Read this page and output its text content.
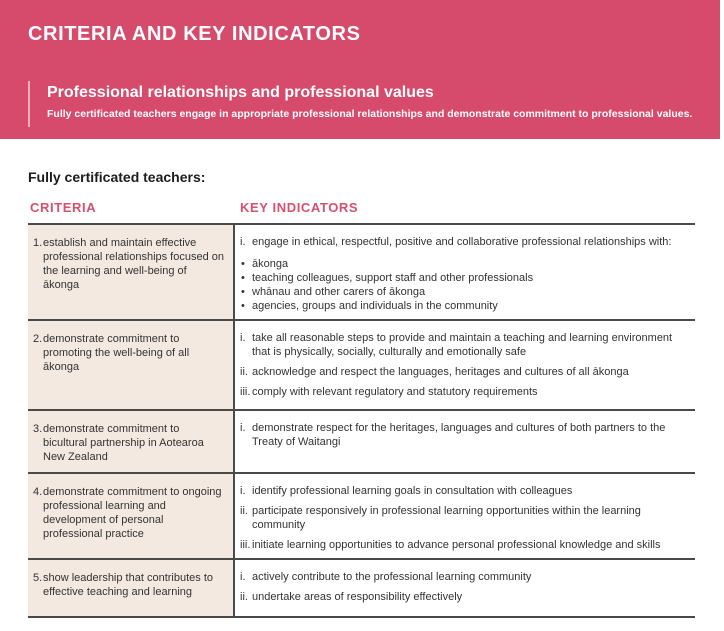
CRITERIA AND KEY INDICATORS
Professional relationships and professional values

Fully certificated teachers engage in appropriate professional relationships and demonstrate commitment to professional values.

Fully certificated teachers:

CRITERIA	KEY INDICATORS
1. establish and maintain effective professional relationships focused on the learning and well-being of ākonga
i. engage in ethical, respectful, positive and collaborative professional relationships with:
• ākonga
• teaching colleagues, support staff and other professionals
• whānau and other carers of ākonga
• agencies, groups and individuals in the community
2. demonstrate commitment to promoting the well-being of all ākonga
i. take all reasonable steps to provide and maintain a teaching and learning environment that is physically, socially, culturally and emotionally safe
ii. acknowledge and respect the languages, heritages and cultures of all ākonga
iii. comply with relevant regulatory and statutory requirements
3. demonstrate commitment to bicultural partnership in Aotearoa New Zealand
i. demonstrate respect for the heritages, languages and cultures of both partners to the Treaty of Waitangi
4. demonstrate commitment to ongoing professional learning and development of personal professional practice
i. identify professional learning goals in consultation with colleagues
ii. participate responsively in professional learning opportunities within the learning community
iii. initiate learning opportunities to advance personal professional knowledge and skills
5. show leadership that contributes to effective teaching and learning
i. actively contribute to the professional learning community
ii. undertake areas of responsibility effectively
